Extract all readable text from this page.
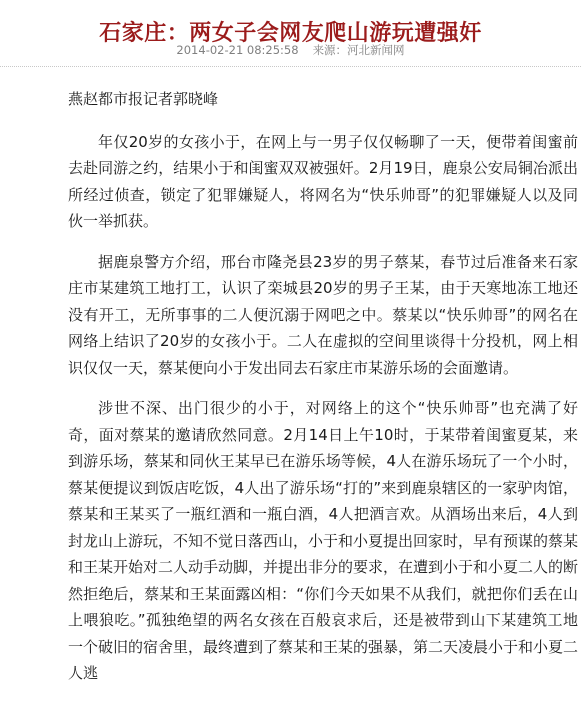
石家庄：两女子会网友爬山游玩遭强奸
2014-02-21 08:25:58 来源：河北新闻网

燕赵都市报记者郭晓峰

年仅20岁的女孩小于，在网上与一男子仅仅畅聊了一天，便带着闺蜜前去赴同游之约，结果小于和闺蜜双双被强奸。2月19日，鹿泉公安局铜冶派出所经过侦查，锁定了犯罪嫌疑人，将网名为“快乐帅哥”的犯罪嫌疑人以及同伙一举抓获。

据鹿泉警方介绍，邢台市隆尧县23岁的男子蔡某，春节过后准备来石家庄市某建筑工地打工，认识了栾城县20岁的男子王某，由于天寒地冻工地还没有开工，无所事事的二人便沉溺于网吧之中。蔡某以“快乐帅哥”的网名在网络上结识了20岁的女孩小于。二人在虚拟的空间里谈得十分投机，网上相识仅仅一天，蔡某便向小于发出同去石家庄市某游乐场的会面邀请。

涉世不深、出门很少的小于，对网络上的这个“快乐帅哥”也充满了好奇，面对蔡某的邀请欣然同意。2月14日上午10时，于某带着闺蜜夏某，来到游乐场，蔡某和同伙王某早已在游乐场等候，4人在游乐场玩了一个小时，蔡某便提议到饭店吃饭，4人出了游乐场“打的”来到鹿泉辖区的一家驴肉馆，蔡某和王某买了一瓶红酒和一瓶白酒，4人把酒言欢。从酒场出来后，4人到封龙山上游玩，不知不觉日落西山，小于和小夏提出回家时，早有预谋的蔡某和王某开始对二人动手动脚，并提出非分的要求，在遭到小于和小夏二人的断然拒绝后，蔡某和王某面露凶相：“你们今天如果不从我们，就把你们丢在山上喂狼吃。”孤独绝望的两名女孩在百般哀求后，还是被带到山下某建筑工地一个破旧的宿舍里，最终遭到了蔡某和王某的强暴，第二天凌晨小于和小夏二人逃
